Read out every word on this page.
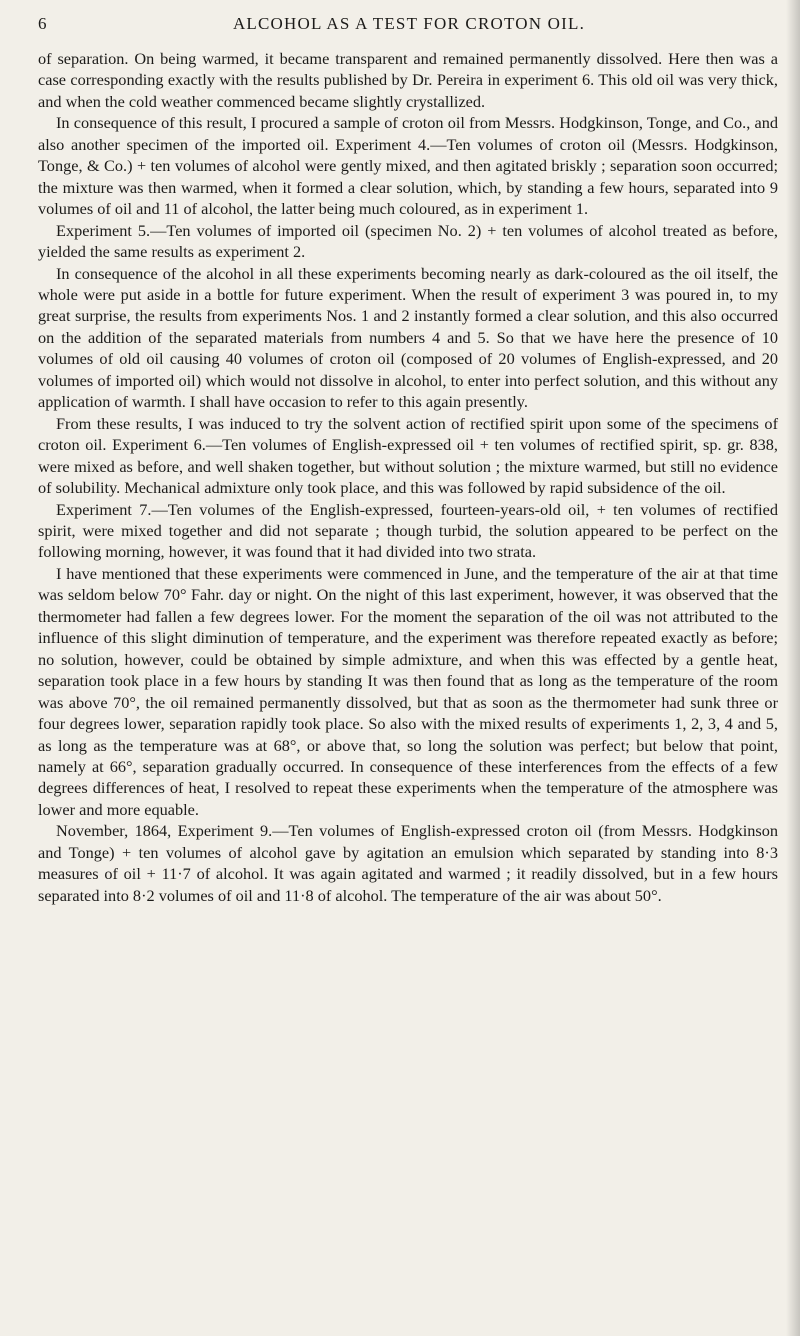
6	ALCOHOL AS A TEST FOR CROTON OIL.

of separation. On being warmed, it became transparent and remained permanently dissolved. Here then was a case corresponding exactly with the results published by Dr. Pereira in experiment 6. This old oil was very thick, and when the cold weather commenced became slightly crystallized.

In consequence of this result, I procured a sample of croton oil from Messrs. Hodgkinson, Tonge, and Co., and also another specimen of the imported oil. Experiment 4.—Ten volumes of croton oil (Messrs. Hodgkinson, Tonge, & Co.) + ten volumes of alcohol were gently mixed, and then agitated briskly ; separation soon occurred; the mixture was then warmed, when it formed a clear solution, which, by standing a few hours, separated into 9 volumes of oil and 11 of alcohol, the latter being much coloured, as in experiment 1.

Experiment 5.—Ten volumes of imported oil (specimen No. 2) + ten volumes of alcohol treated as before, yielded the same results as experiment 2.

In consequence of the alcohol in all these experiments becoming nearly as dark-coloured as the oil itself, the whole were put aside in a bottle for future experiment. When the result of experiment 3 was poured in, to my great surprise, the results from experiments Nos. 1 and 2 instantly formed a clear solution, and this also occurred on the addition of the separated materials from numbers 4 and 5. So that we have here the presence of 10 volumes of old oil causing 40 volumes of croton oil (composed of 20 volumes of English-expressed, and 20 volumes of imported oil) which would not dissolve in alcohol, to enter into perfect solution, and this without any application of warmth. I shall have occasion to refer to this again presently.

From these results, I was induced to try the solvent action of rectified spirit upon some of the specimens of croton oil. Experiment 6.—Ten volumes of English-expressed oil + ten volumes of rectified spirit, sp. gr. 838, were mixed as before, and well shaken together, but without solution ; the mixture warmed, but still no evidence of solubility. Mechanical admixture only took place, and this was followed by rapid subsidence of the oil.

Experiment 7.—Ten volumes of the English-expressed, fourteen-years-old oil, + ten volumes of rectified spirit, were mixed together and did not separate ; though turbid, the solution appeared to be perfect on the following morning, however, it was found that it had divided into two strata.

I have mentioned that these experiments were commenced in June, and the temperature of the air at that time was seldom below 70° Fahr. day or night. On the night of this last experiment, however, it was observed that the thermometer had fallen a few degrees lower. For the moment the separation of the oil was not attributed to the influence of this slight diminution of temperature, and the experiment was therefore repeated exactly as before; no solution, however, could be obtained by simple admixture, and when this was effected by a gentle heat, separation took place in a few hours by standing It was then found that as long as the temperature of the room was above 70°, the oil remained permanently dissolved, but that as soon as the thermometer had sunk three or four degrees lower, separation rapidly took place. So also with the mixed results of experiments 1, 2, 3, 4 and 5, as long as the temperature was at 68°, or above that, so long the solution was perfect; but below that point, namely at 66°, separation gradually occurred. In consequence of these interferences from the effects of a few degrees differences of heat, I resolved to repeat these experiments when the temperature of the atmosphere was lower and more equable.

November, 1864, Experiment 9.—Ten volumes of English-expressed croton oil (from Messrs. Hodgkinson and Tonge) + ten volumes of alcohol gave by agitation an emulsion which separated by standing into 8·3 measures of oil + 11·7 of alcohol. It was again agitated and warmed ; it readily dissolved, but in a few hours separated into 8·2 volumes of oil and 11·8 of alcohol. The temperature of the air was about 50°.
